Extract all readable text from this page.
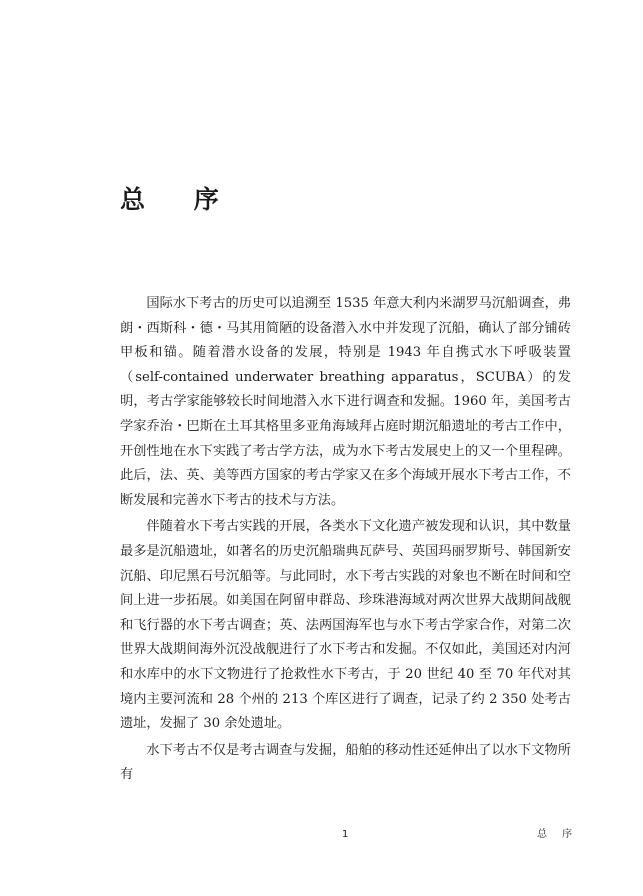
总 序

国际水下考古的历史可以追溯至 1535 年意大利内米湖罗马沉船调查，弗朗・西斯科・德・马其用简陋的设备潜入水中并发现了沉船，确认了部分铺砖甲板和锚。随着潜水设备的发展，特别是 1943 年自携式水下呼吸装置（self-contained underwater breathing apparatus，SCUBA）的发明，考古学家能够较长时间地潜入水下进行调查和发掘。1960 年，美国考古学家乔治・巴斯在土耳其格里多亚角海域拜占庭时期沉船遗址的考古工作中，开创性地在水下实践了考古学方法，成为水下考古发展史上的又一个里程碑。此后，法、英、美等西方国家的考古学家又在多个海域开展水下考古工作，不断发展和完善水下考古的技术与方法。

伴随着水下考古实践的开展，各类水下文化遗产被发现和认识，其中数量最多是沉船遗址，如著名的历史沉船瑞典瓦萨号、英国玛丽罗斯号、韩国新安沉船、印尼黑石号沉船等。与此同时，水下考古实践的对象也不断在时间和空间上进一步拓展。如美国在阿留申群岛、珍珠港海域对两次世界大战期间战舰和飞行器的水下考古调查；英、法两国海军也与水下考古学家合作，对第二次世界大战期间海外沉没战舰进行了水下考古和发掘。不仅如此，美国还对内河和水库中的水下文物进行了抢救性水下考古，于 20 世纪 40 至 70 年代对其境内主要河流和 28 个州的 213 个库区进行了调查，记录了约 2 350 处考古遗址，发掘了 30 余处遗址。

水下考古不仅是考古调查与发掘，船舶的移动性还延伸出了以水下文物所有

1	总 序
